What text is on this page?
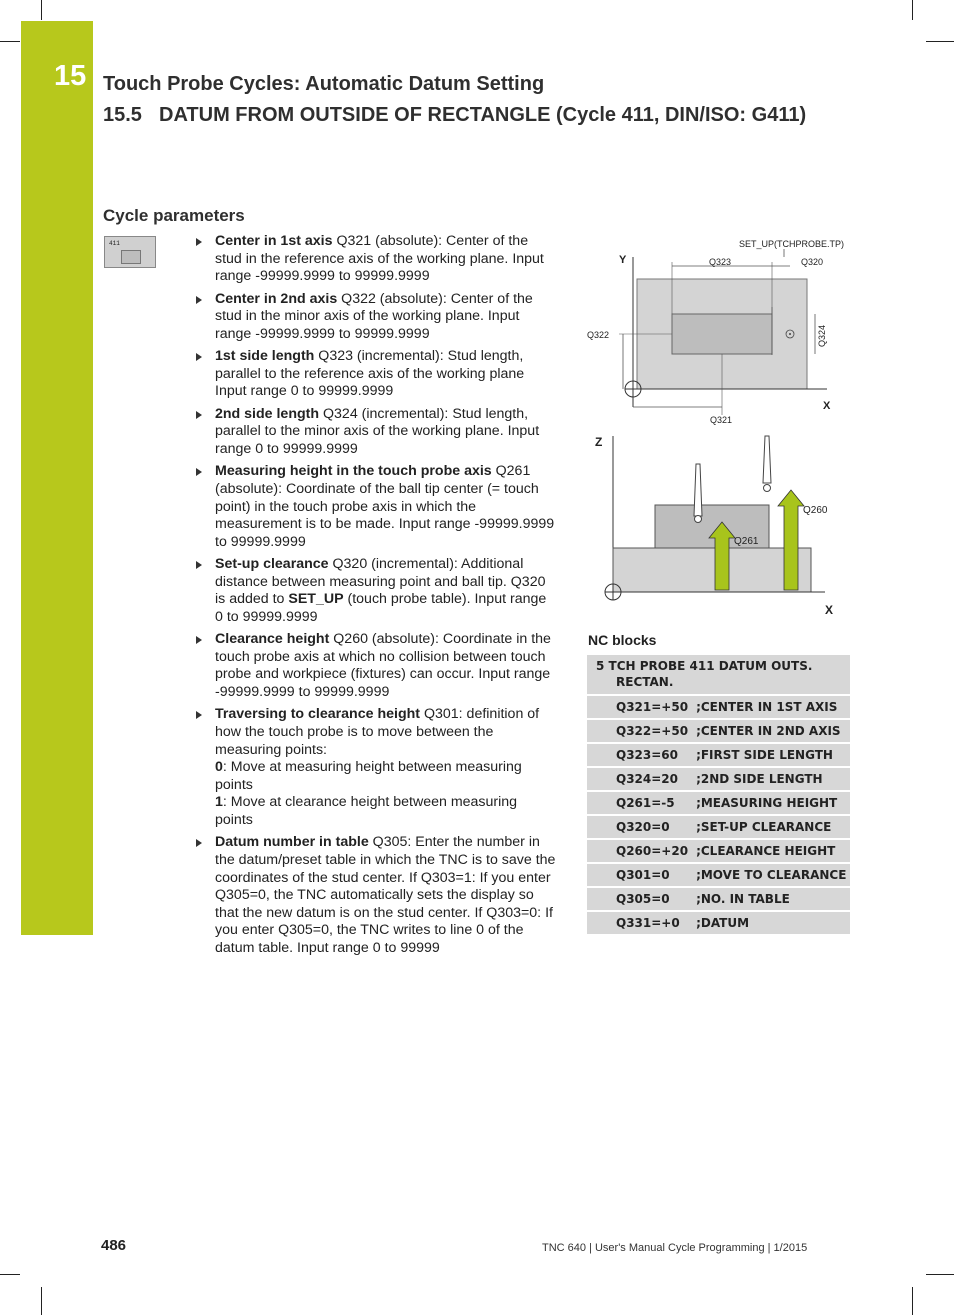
15 Touch Probe Cycles: Automatic Datum Setting
15.5 DATUM FROM OUTSIDE OF RECTANGLE (Cycle 411, DIN/ISO: G411)
Cycle parameters
411	Center in 1st axis Q321 (absolute): Center of the stud in the reference axis of the working plane. Input range -99999.9999 to 99999.9999
Center in 2nd axis Q322 (absolute): Center of the stud in the minor axis of the working plane. Input range -99999.9999 to 99999.9999
1st side length Q323 (incremental): Stud length, parallel to the reference axis of the working plane Input range 0 to 99999.9999
2nd side length Q324 (incremental): Stud length, parallel to the minor axis of the working plane. Input range 0 to 99999.9999
Measuring height in the touch probe axis Q261 (absolute): Coordinate of the ball tip center (= touch point) in the touch probe axis in which the measurement is to be made. Input range -99999.9999 to 99999.9999
Set-up clearance Q320 (incremental): Additional distance between measuring point and ball tip. Q320 is added to SET_UP (touch probe table). Input range 0 to 99999.9999
Clearance height Q260 (absolute): Coordinate in the touch probe axis at which no collision between touch probe and workpiece (fixtures) can occur. Input range -99999.9999 to 99999.9999
Traversing to clearance height Q301: definition of how the touch probe is to move between the measuring points:
0: Move at measuring height between measuring points
1: Move at clearance height between measuring points
Datum number in table Q305: Enter the number in the datum/preset table in which the TNC is to save the coordinates of the stud center. If Q303=1: If you enter Q305=0, the TNC automatically sets the display so that the new datum is on the stud center. If Q303=0: If you enter Q305=0, the TNC writes to line 0 of the datum table. Input range 0 to 99999
SET_UP(TCHPROBE.TP)
Y	Q323	Q320
Q324
Q322
Q321
X
Z
Q261
Q260
X
NC blocks
5 TCH PROBE 411 DATUM OUTS.
RECTAN.	
Q321=+50	;CENTER IN 1ST AXIS
Q322=+50	;CENTER IN 2ND AXIS
Q323=60	;FIRST SIDE LENGTH
Q324=20	;2ND SIDE LENGTH
Q261=-5	;MEASURING HEIGHT
Q320=0	;SET-UP CLEARANCE
Q260=+20	;CLEARANCE HEIGHT
Q301=0	;MOVE TO CLEARANCE
Q305=0	;NO. IN TABLE
Q331=+0	;DATUM
486	TNC 640 | User's Manual Cycle Programming | 1/2015
